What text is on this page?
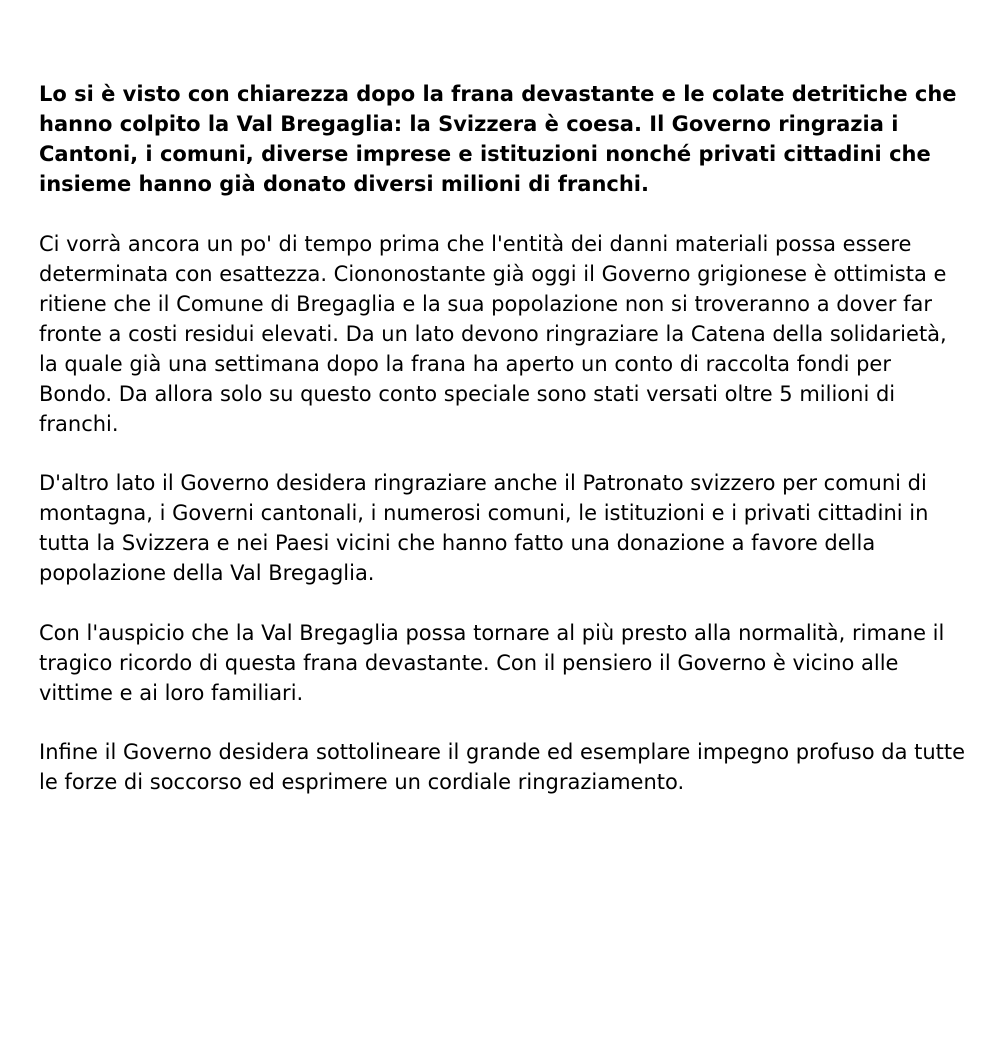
Lo si è visto con chiarezza dopo la frana devastante e le colate detritiche che hanno colpito la Val Bregaglia: la Svizzera è coesa. Il Governo ringrazia i Cantoni, i comuni, diverse imprese e istituzioni nonché privati cittadini che insieme hanno già donato diversi milioni di franchi.

Ci vorrà ancora un po' di tempo prima che l'entità dei danni materiali possa essere determinata con esattezza. Ciononostante già oggi il Governo grigionese è ottimista e ritiene che il Comune di Bregaglia e la sua popolazione non si troveranno a dover far fronte a costi residui elevati. Da un lato devono ringraziare la Catena della solidarietà, la quale già una settimana dopo la frana ha aperto un conto di raccolta fondi per Bondo. Da allora solo su questo conto speciale sono stati versati oltre 5 milioni di franchi.

D'altro lato il Governo desidera ringraziare anche il Patronato svizzero per comuni di montagna, i Governi cantonali, i numerosi comuni, le istituzioni e i privati cittadini in tutta la Svizzera e nei Paesi vicini che hanno fatto una donazione a favore della popolazione della Val Bregaglia.

Con l'auspicio che la Val Bregaglia possa tornare al più presto alla normalità, rimane il tragico ricordo di questa frana devastante. Con il pensiero il Governo è vicino alle vittime e ai loro familiari.

Infine il Governo desidera sottolineare il grande ed esemplare impegno profuso da tutte le forze di soccorso ed esprimere un cordiale ringraziamento.
